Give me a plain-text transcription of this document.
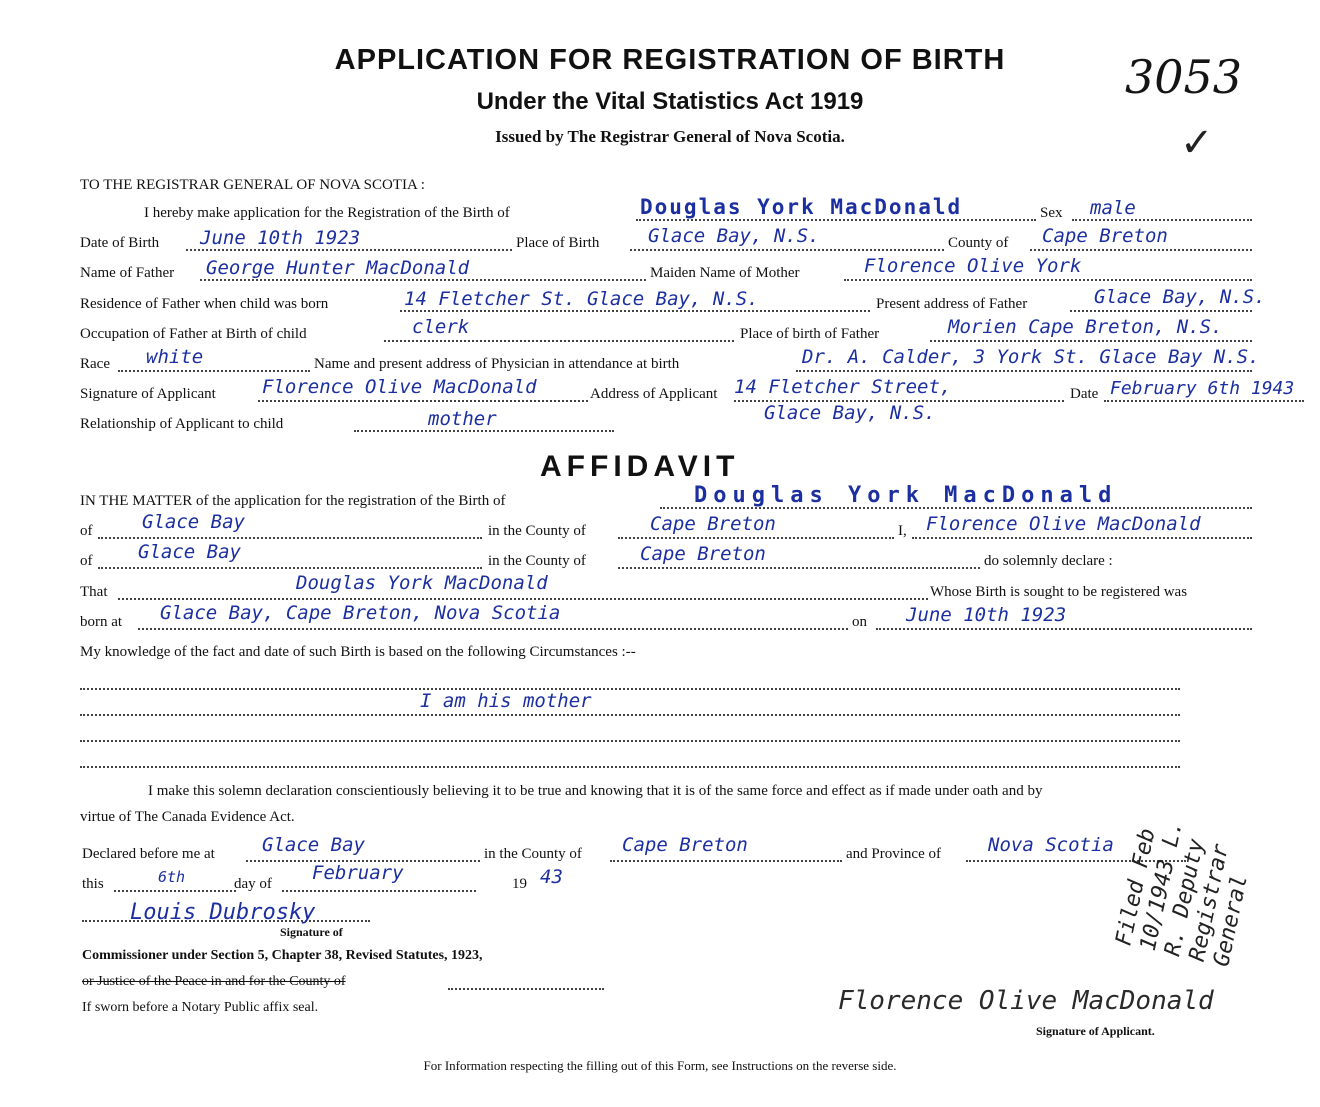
APPLICATION FOR REGISTRATION OF BIRTH
Under the Vital Statistics Act 1919
Issued by The Registrar General of Nova Scotia.
3053
✓
TO THE REGISTRAR GENERAL OF NOVA SCOTIA :
I hereby make application for the Registration of the Birth of	Douglas York MacDonald	Sex male
Date of Birth June 10th 1923	Place of Birth	Glace Bay, N.S.	County of Cape Breton
Name of Father George Hunter MacDonald	Maiden Name of Mother	Florence Olive York
Residence of Father when child was born	14 Fletcher St. Glace Bay, N.S.	Present address of Father	Glace Bay, N.S.
Occupation of Father at Birth of child	clerk	Place of birth of Father	Morien Cape Breton, N.S.
Race white	Name and present address of Physician in attendance at birth	Dr. A. Calder, 3 York St. Glace Bay N.S.
Signature of Applicant Florence Olive MacDonald	Address of Applicant 14 Fletcher Street,
Glace Bay, N.S.
Date February 6th 1943
Relationship of Applicant to child	mother
AFFIDAVIT
IN THE MATTER of the application for the registration of the Birth of	Douglas York MacDonald
of	Glace Bay	in the County of	Cape Breton	I, Florence Olive MacDonald
of Glace Bay	in the County of	Cape Breton	do solemnly declare :
That	Douglas York MacDonald	Whose Birth is sought to be registered was
born at Glace Bay, Cape Breton, Nova Scotia	on June 10th 1923
My knowledge of the fact and date of such Birth is based on the following Circumstances :--
I am his mother
I make this solemn declaration conscientiously believing it to be true and knowing that it is of the same force and effect as if made under oath and by
virtue of The Canada Evidence Act.
Declared before me at Glace Bay	in the County of Cape Breton	and Province of Nova Scotia
this	6th	day of February	19 43
Louis Dubrosky
Signature of
Commissioner under Section 5, Chapter 38, Revised Statutes, 1923,
or Justice of the Peace in and for the County of
If sworn before a Notary Public affix seal.	Florence Olive MacDonald
Signature of Applicant.
Filed Feb 10/1943 L. R. Deputy Registrar General
For Information respecting the filling out of this Form, see Instructions on the reverse side.
